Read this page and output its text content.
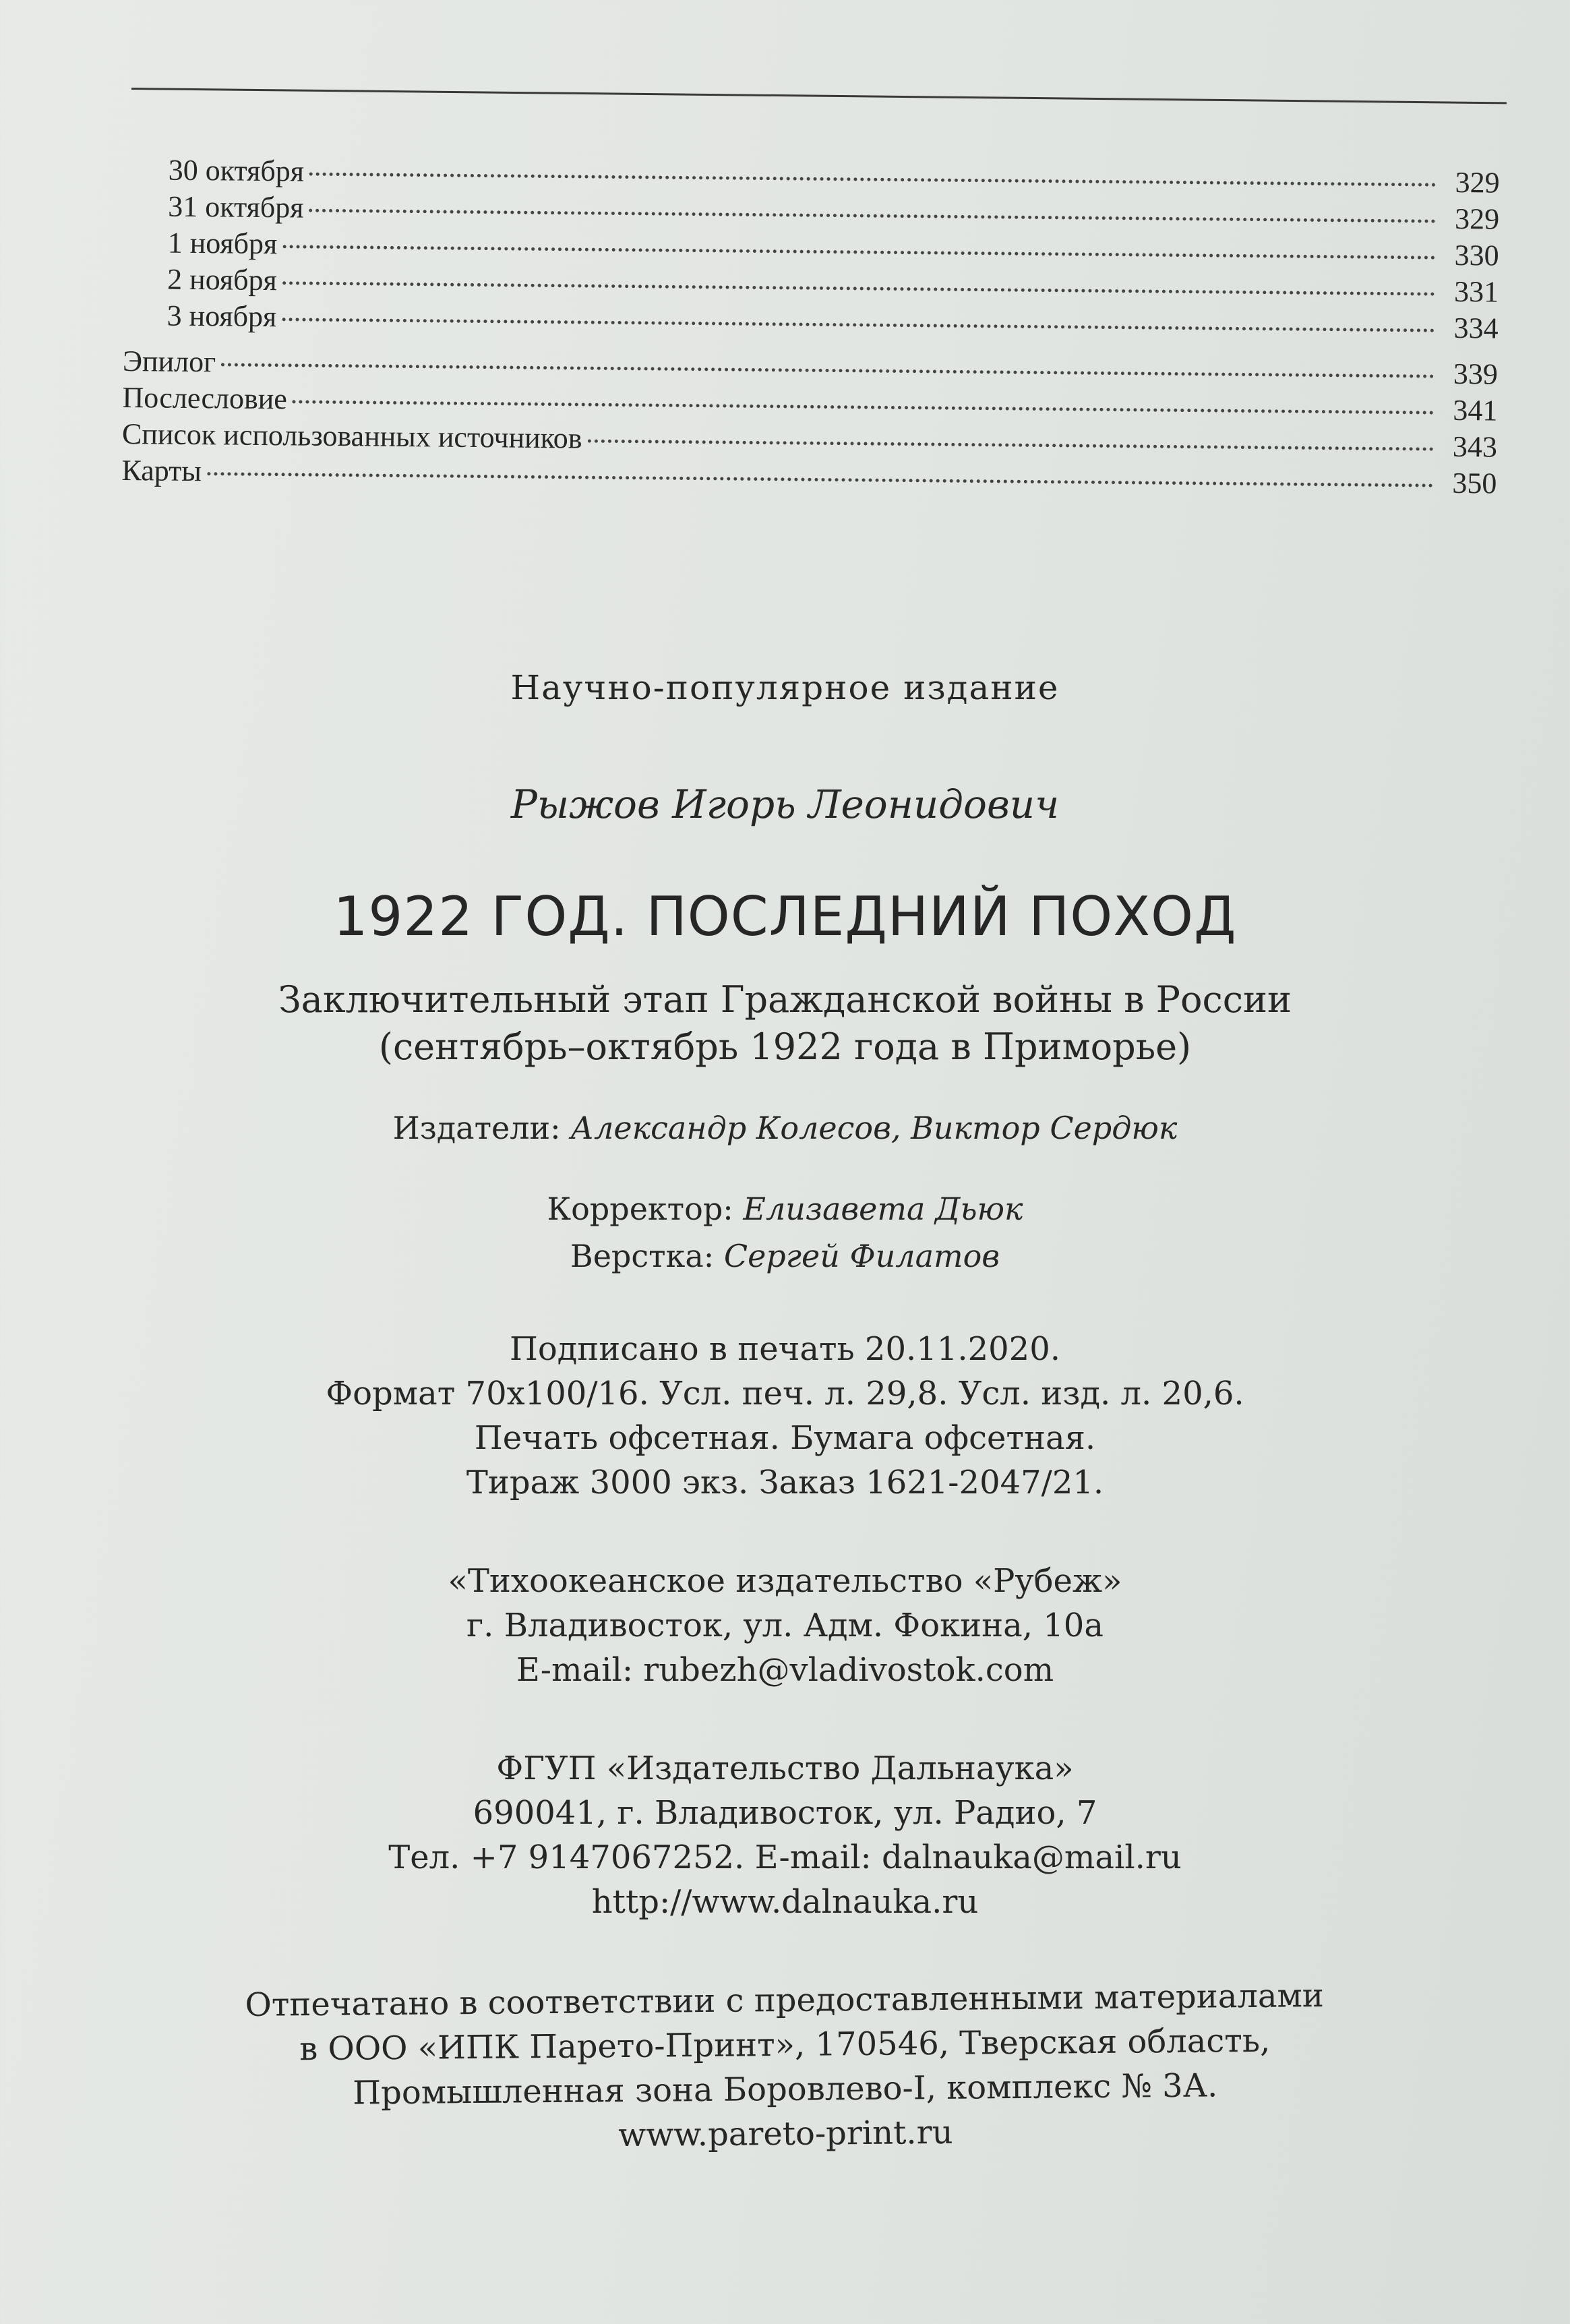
30 октября	329
31 октября	329
1 ноября	330
2 ноября	331
3 ноября	334
Эпилог	339
Послесловие	341
Список использованных источников	343
Карты	350

Научно-популярное издание

Рыжов Игорь Леонидович

1922 ГОД. ПОСЛЕДНИЙ ПОХОД

Заключительный этап Гражданской войны в России

(сентябрь–октябрь 1922 года в Приморье)

Издатели: Александр Колесов, Виктор Сердюк

Корректор: Елизавета Дьюк

Верстка: Сергей Филатов

Подписано в печать 20.11.2020.

Формат 70х100/16. Усл. печ. л. 29,8. Усл. изд. л. 20,6.

Печать офсетная. Бумага офсетная.

Тираж 3000 экз. Заказ 1621-2047/21.

«Тихоокеанское издательство «Рубеж»

г. Владивосток, ул. Адм. Фокина, 10а

E-mail: rubezh@vladivostok.com

ФГУП «Издательство Дальнаука»

690041, г. Владивосток, ул. Радио, 7

Тел. +7 9147067252. E-mail: dalnauka@mail.ru

http://www.dalnauka.ru

Отпечатано в соответствии с предоставленными материалами

в ООО «ИПК Парето-Принт», 170546, Тверская область,

Промышленная зона Боровлево-I, комплекс № 3А.

www.pareto-print.ru
